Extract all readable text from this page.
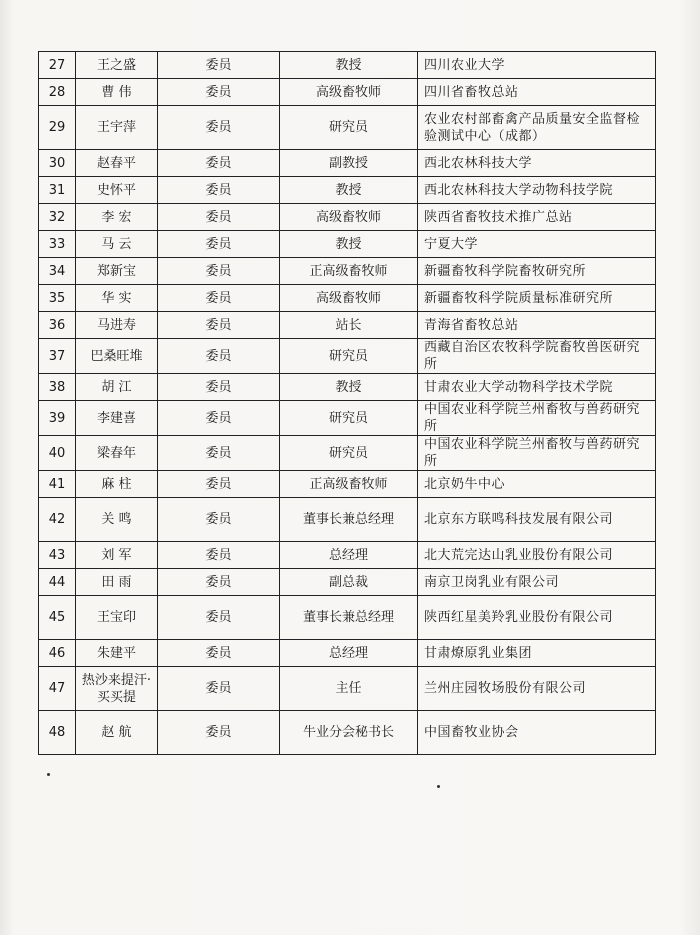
27	王之盛	委员	教授	四川农业大学
28	曹 伟	委员	高级畜牧师	四川省畜牧总站
29	王宇萍	委员	研究员	农业农村部畜禽产品质量安全监督检验测试中心（成都）
30	赵春平	委员	副教授	西北农林科技大学
31	史怀平	委员	教授	西北农林科技大学动物科技学院
32	李 宏	委员	高级畜牧师	陕西省畜牧技术推广总站
33	马 云	委员	教授	宁夏大学
34	郑新宝	委员	正高级畜牧师	新疆畜牧科学院畜牧研究所
35	华 实	委员	高级畜牧师	新疆畜牧科学院质量标准研究所
36	马进寿	委员	站长	青海省畜牧总站
37	巴桑旺堆	委员	研究员	西藏自治区农牧科学院畜牧兽医研究所
38	胡 江	委员	教授	甘肃农业大学动物科学技术学院
39	李建喜	委员	研究员	中国农业科学院兰州畜牧与兽药研究所
40	梁春年	委员	研究员	中国农业科学院兰州畜牧与兽药研究所
41	麻 柱	委员	正高级畜牧师	北京奶牛中心
42	关 鸣	委员	董事长兼总经理	北京东方联鸣科技发展有限公司
43	刘 军	委员	总经理	北大荒完达山乳业股份有限公司
44	田 雨	委员	副总裁	南京卫岗乳业有限公司
45	王宝印	委员	董事长兼总经理	陕西红星美羚乳业股份有限公司
46	朱建平	委员	总经理	甘肃燎原乳业集团
47	热沙来提汗·买买提	委员	主任	兰州庄园牧场股份有限公司
48	赵 航	委员	牛业分会秘书长	中国畜牧业协会
